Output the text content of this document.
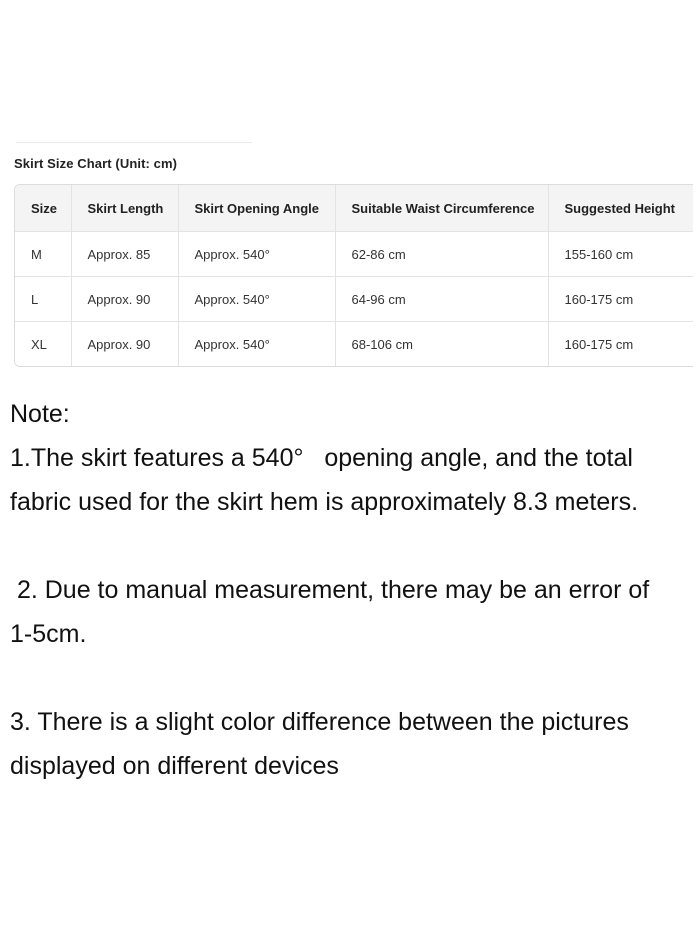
Skirt Size Chart (Unit: cm)
Size	Skirt Length	Skirt Opening Angle	Suitable Waist Circumference	Suggested Height
M	Approx. 85	Approx. 540°	62-86 cm	155-160 cm
L	Approx. 90	Approx. 540°	64-96 cm	160-175 cm
XL	Approx. 90	Approx. 540°	68-106 cm	160-175 cm

Note:

1.The skirt features a 540°   opening angle, and the total

fabric used for the skirt hem is approximately 8.3 meters.

2. Due to manual measurement, there may be an error of

1-5cm.

3. There is a slight color difference between the pictures

displayed on different devices
